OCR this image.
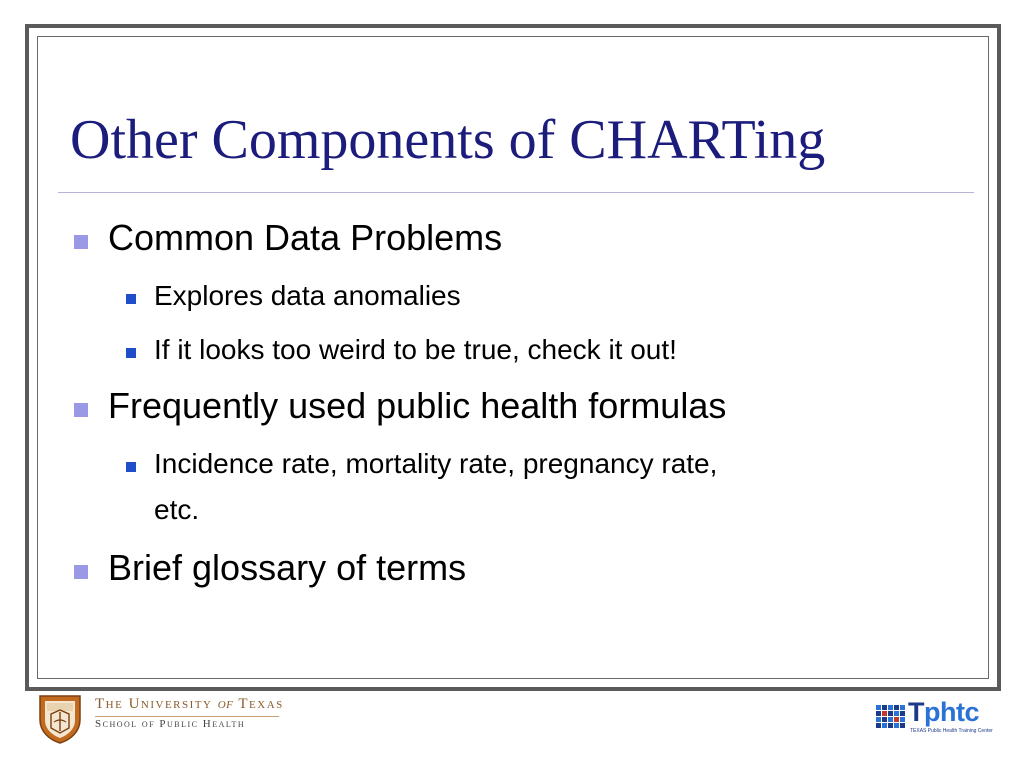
Other Components of CHARTing
Common Data Problems
Explores data anomalies
If it looks too weird to be true, check it out!
Frequently used public health formulas
Incidence rate, mortality rate, pregnancy rate,
etc.
Brief glossary of terms
The University of Texas
School of Public Health	Tphtc
TEXAS Public Health Training Center
